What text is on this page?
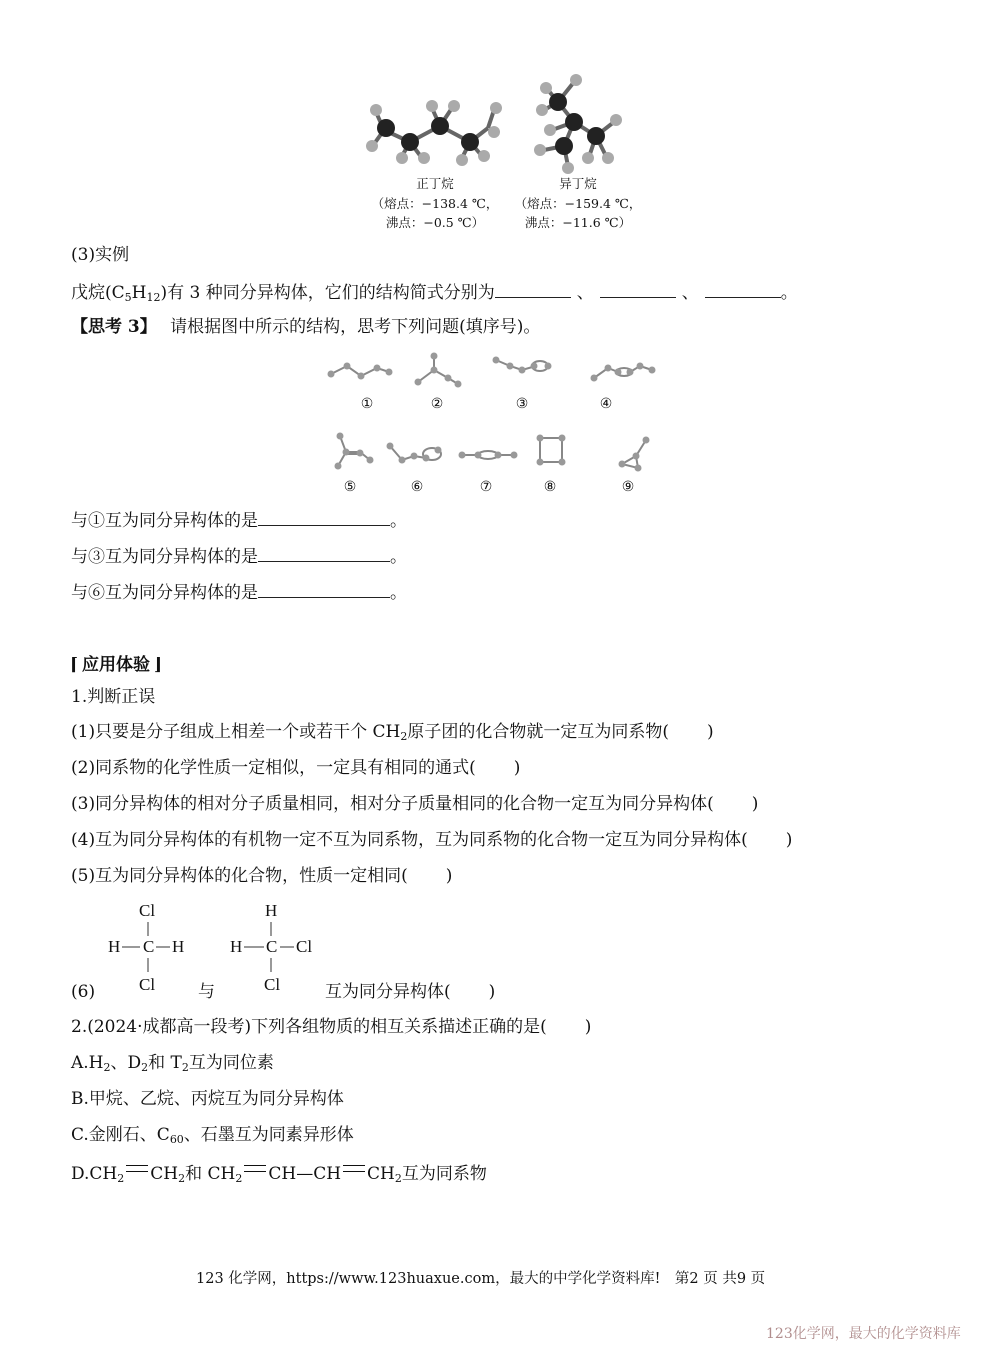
正丁烷
（熔点：−138.4 ℃，
沸点：−0.5 ℃）
异丁烷
（熔点：−159.4 ℃，
沸点：−11.6 ℃）
(3)实例
戊烷$(C_5H_{12})$有 3 种同分异构体，它们的结构简式分别为	、	、	。
【思考 3】 请根据图中所示的结构，思考下列问题(填序号)。
①	②	③	④
⑤	⑥	⑦	⑧	⑨
与①互为同分异构体的是	。
与③互为同分异构体的是	。
与⑥互为同分异构体的是	。
⌈ 应用体验 ⌋
1.判断正误
(1)只要是分子组成上相差一个或若干个 $CH_2$原子团的化合物就一定互为同系物( )
(2)同系物的化学性质一定相似，一定具有相同的通式( )
(3)同分异构体的相对分子质量相同，相对分子质量相同的化合物一定互为同分异构体( )
(4)互为同分异构体的有机物一定不互为同系物，互为同系物的化合物一定互为同分异构体( )
(5)互为同分异构体的化合物，性质一定相同( )
Cl
H C H
Cl
H
H C Cl
Cl
(6)	与	互为同分异构体( )
2.(2024·成都高一段考)下列各组物质的相互关系描述正确的是( )
$A.H_2$、$D_2$和 $T_2$互为同位素
B.甲烷、乙烷、丙烷互为同分异构体
C.金刚石、$C_{60}$、石墨互为同素异形体
$D.CH_2$ $CH_2$和 $CH_2$ CH—CH $CH_2$互为同系物
123 化学网，https://www.123huaxue.com，最大的中学化学资料库!　第2 页 共9 页
123化学网，最大的化学资料库
